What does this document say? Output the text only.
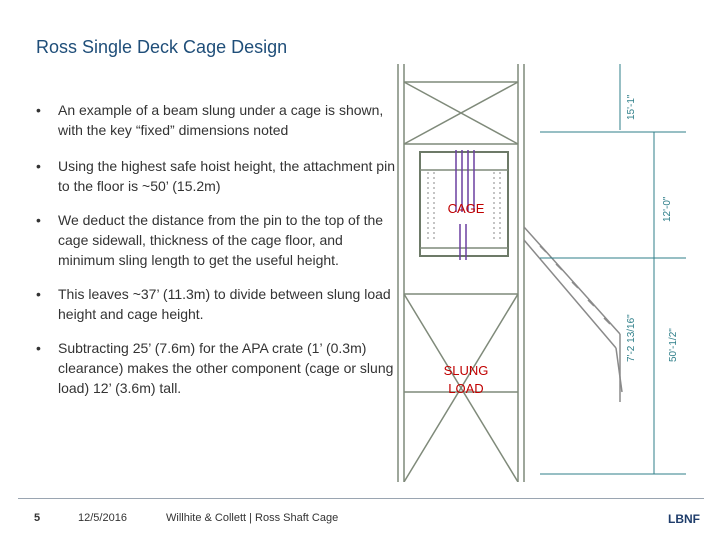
Ross Single Deck Cage Design
• An example of a beam slung under a cage is shown, with the key “fixed” dimensions noted
• Using the highest safe hoist height, the attachment pin to the floor is ~50’ (15.2m)
• We deduct the distance from the pin to the top of the cage sidewall, thickness of the cage floor, and minimum sling length to get the useful height.
• This leaves ~37’ (11.3m) to divide between slung load height and cage height.
• Subtracting 25’ (7.6m) for the APA crate (1’ (0.3m) clearance) makes the other component (cage or slung load) 12’ (3.6m) tall.
15'-1"
12'-0"
50'-1/2"
7'-2 13/16"
CAGE
SLUNG
LOAD
5	12/5/2016	Willhite & Collett | Ross Shaft Cage	LBNF
